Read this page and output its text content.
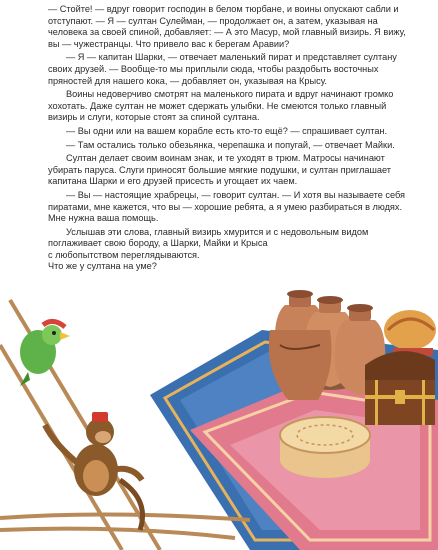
— Стойте! — вдруг говорит господин в белом тюрбане, и воины опускают сабли и отступают. — Я — султан Сулейман, — продолжает он, а затем, указывая на человека за своей спиной, добавляет: — А это Масур, мой главный визирь. Я вижу, вы — чужестранцы. Что привело вас к берегам Аравии?

— Я — капитан Шарки, — отвечает маленький пират и представляет султану своих друзей. — Вообще-то мы приплыли сюда, чтобы раздобыть восточных пряностей для нашего кока, — добавляет он, указывая на Крысу.

Воины недоверчиво смотрят на маленького пирата и вдруг начинают громко хохотать. Даже султан не может сдержать улыбки. Не смеются только главный визирь и слуги, которые стоят за спиной султана.

— Вы одни или на вашем корабле есть кто-то ещё? — спрашивает султан.

— Там остались только обезьянка, черепашка и попугай, — отвечает Майки.

Султан делает своим воинам знак, и те уходят в трюм. Матросы начинают убирать паруса. Слуги приносят большие мягкие подушки, и султан приглашает капитана Шарки и его друзей присесть и угощает их чаем.

— Вы — настоящие храбрецы, — говорит султан. — И хотя вы называете себя пиратами, мне кажется, что вы — хорошие ребята, а я умею разбираться в людях. Мне нужна ваша помощь.

Услышав эти слова, главный визирь хмурится и с недовольным видом поглаживает свою бороду, а Шарки, Майки и Крыса

с любопытством переглядываются.

Что же у султана на уме?
